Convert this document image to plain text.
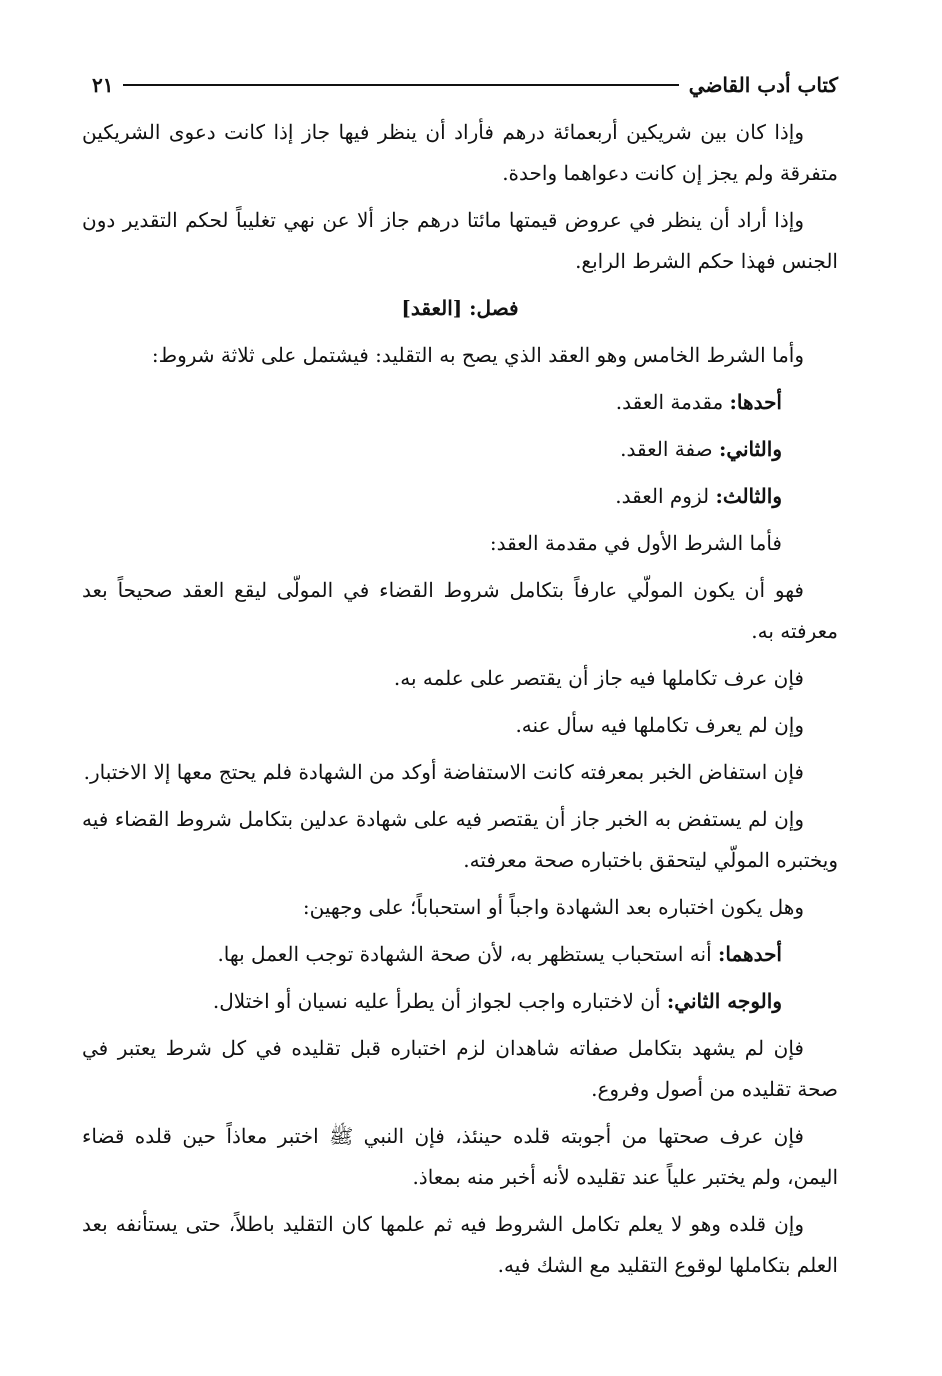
كتاب أدب القاضي
٢١

وإذا كان بين شريكين أربعمائة درهم فأراد أن ينظر فيها جاز إذا كانت دعوى الشريكين متفرقة ولم يجز إن كانت دعواهما واحدة.

وإذا أراد أن ينظر في عروض قيمتها مائتا درهم جاز ألا عن نهي تغليباً لحكم التقدير دون الجنس فهذا حكم الشرط الرابع.

فصل: [العقد]

وأما الشرط الخامس وهو العقد الذي يصح به التقليد: فيشتمل على ثلاثة شروط:

أحدها: مقدمة العقد.

والثاني: صفة العقد.

والثالث: لزوم العقد.

فأما الشرط الأول في مقدمة العقد:

فهو أن يكون المولّي عارفاً بتكامل شروط القضاء في المولّى ليقع العقد صحيحاً بعد معرفته به.

فإن عرف تكاملها فيه جاز أن يقتصر على علمه به.

وإن لم يعرف تكاملها فيه سأل عنه.

فإن استفاض الخبر بمعرفته كانت الاستفاضة أوكد من الشهادة فلم يحتج معها إلا الاختبار.

وإن لم يستفض به الخبر جاز أن يقتصر فيه على شهادة عدلين بتكامل شروط القضاء فيه ويختبره المولّي ليتحقق باختباره صحة معرفته.

وهل يكون اختباره بعد الشهادة واجباً أو استحباباً؛ على وجهين:

أحدهما: أنه استحباب يستظهر به، لأن صحة الشهادة توجب العمل بها.

والوجه الثاني: أن لاختباره واجب لجواز أن يطرأ عليه نسيان أو اختلال.

فإن لم يشهد بتكامل صفاته شاهدان لزم اختباره قبل تقليده في كل شرط يعتبر في صحة تقليده من أصول وفروع.

فإن عرف صحتها من أجوبته قلده حينئذ، فإن النبي ﷺ اختبر معاذاً حين قلده قضاء اليمن، ولم يختبر علياً عند تقليده لأنه أخبر منه بمعاذ.

وإن قلده وهو لا يعلم تكامل الشروط فيه ثم علمها كان التقليد باطلاً، حتى يستأنفه بعد العلم بتكاملها لوقوع التقليد مع الشك فيه.
